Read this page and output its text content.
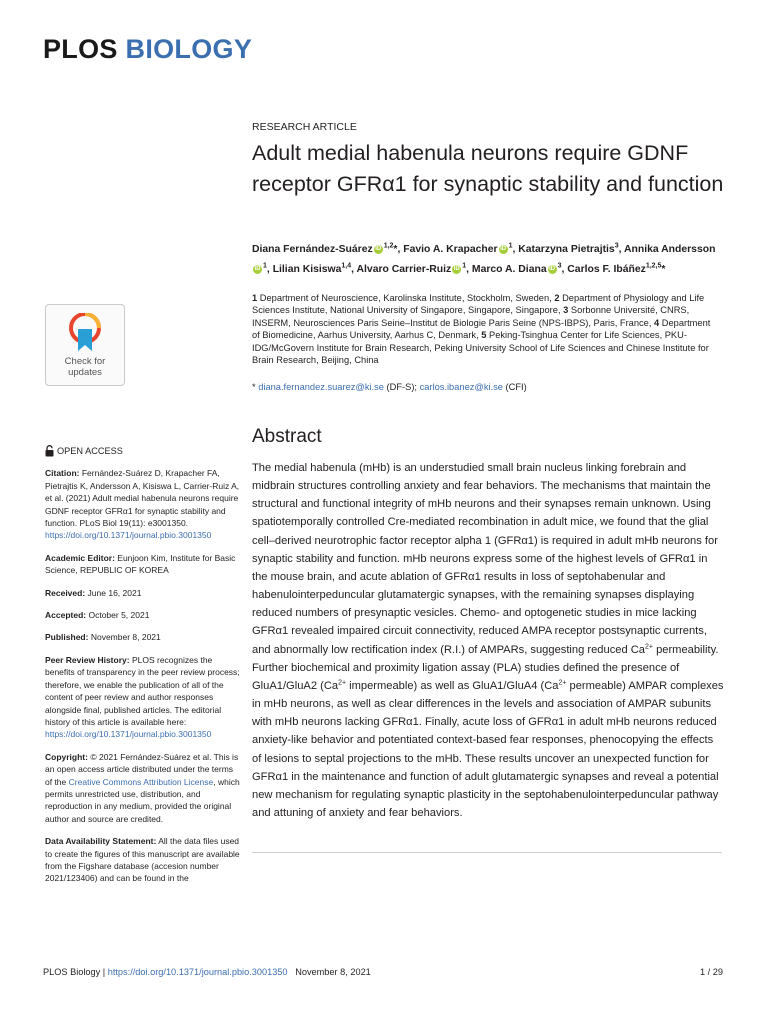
PLOS BIOLOGY
Check for
updates
RESEARCH ARTICLE
Adult medial habenula neurons require GDNF receptor GFRα1 for synaptic stability and function
Diana Fernández-Suárez iD $^{1,2}$*, Favio A. Krapacher iD $^1$, Katarzyna Pietrajtis$^3$, Annika AnderssoniD $^1$, Lilian Kisiswa$^{1,4}$, Alvaro Carrier-Ruiz iD $^1$, Marco A. Diana iD $^3$, Carlos F. Ibáñez$^{1,2,5}$*
1 Department of Neuroscience, Karolinska Institute, Stockholm, Sweden, 2 Department of Physiology and Life Sciences Institute, National University of Singapore, Singapore, Singapore, 3 Sorbonne Université, CNRS, INSERM, Neurosciences Paris Seine–Institut de Biologie Paris Seine (NPS-IBPS), Paris, France, 4 Department of Biomedicine, Aarhus University, Aarhus C, Denmark, 5 Peking-Tsinghua Center for Life Sciences, PKU-IDG/McGovern Institute for Brain Research, Peking University School of Life Sciences and Chinese Institute for Brain Research, Beijing, China
* diana.fernandez.suarez@ki.se (DF-S); carlos.ibanez@ki.se (CFI)
Abstract

The medial habenula (mHb) is an understudied small brain nucleus linking forebrain and midbrain structures controlling anxiety and fear behaviors. The mechanisms that maintain the structural and functional integrity of mHb neurons and their synapses remain unknown. Using spatiotemporally controlled Cre-mediated recombination in adult mice, we found that the glial cell–derived neurotrophic factor receptor alpha 1 (GFRα1) is required in adult mHb neurons for synaptic stability and function. mHb neurons express some of the highest levels of GFRα1 in the mouse brain, and acute ablation of GFRα1 results in loss of septohabenular and habenulointerpeduncular glutamatergic synapses, with the remaining synapses displaying reduced numbers of presynaptic vesicles. Chemo- and optogenetic studies in mice lacking GFRα1 revealed impaired circuit connectivity, reduced AMPA receptor postsynaptic currents, and abnormally low rectification index (R.I.) of AMPARs, suggesting reduced $Ca^{2+}$ permeability. Further biochemical and proximity ligation assay (PLA) studies defined the presence of GluA1/GluA2 ($Ca^{2+}$ impermeable) as well as GluA1/GluA4 ($Ca^{2+}$ permeable) AMPAR complexes in mHb neurons, as well as clear differences in the levels and association of AMPAR subunits with mHb neurons lacking GFRα1. Finally, acute loss of GFRα1 in adult mHb neurons reduced anxiety-like behavior and potentiated context-based fear responses, phenocopying the effects of lesions to septal projections to the mHb. These results uncover an unexpected function for GFRα1 in the maintenance and function of adult glutamatergic synapses and reveal a potential new mechanism for regulating synaptic plasticity in the septohabenulointerpeduncular pathway and attuning of anxiety and fear behaviors.

OPEN ACCESS

Citation: Fernández-Suárez D, Krapacher FA, Pietrajtis K, Andersson A, Kisiswa L, Carrier-Ruiz A, et al. (2021) Adult medial habenula neurons require GDNF receptor GFRα1 for synaptic stability and function. PLoS Biol 19(11): e3001350. https://doi.org/10.1371/journal.pbio.3001350

Academic Editor: Eunjoon Kim, Institute for Basic Science, REPUBLIC OF KOREA

Received: June 16, 2021

Accepted: October 5, 2021

Published: November 8, 2021

Peer Review History: PLOS recognizes the benefits of transparency in the peer review process; therefore, we enable the publication of all of the content of peer review and author responses alongside final, published articles. The editorial history of this article is available here: https://doi.org/10.1371/journal.pbio.3001350

Copyright: © 2021 Fernández-Suárez et al. This is an open access article distributed under the terms of the Creative Commons Attribution License, which permits unrestricted use, distribution, and reproduction in any medium, provided the original author and source are credited.

Data Availability Statement: All the data files used to create the figures of this manuscript are available from the Figshare database (accesion number 2021/123406) and can be found in the

PLOS Biology | https://doi.org/10.1371/journal.pbio.3001350 November 8, 2021	1 / 29
